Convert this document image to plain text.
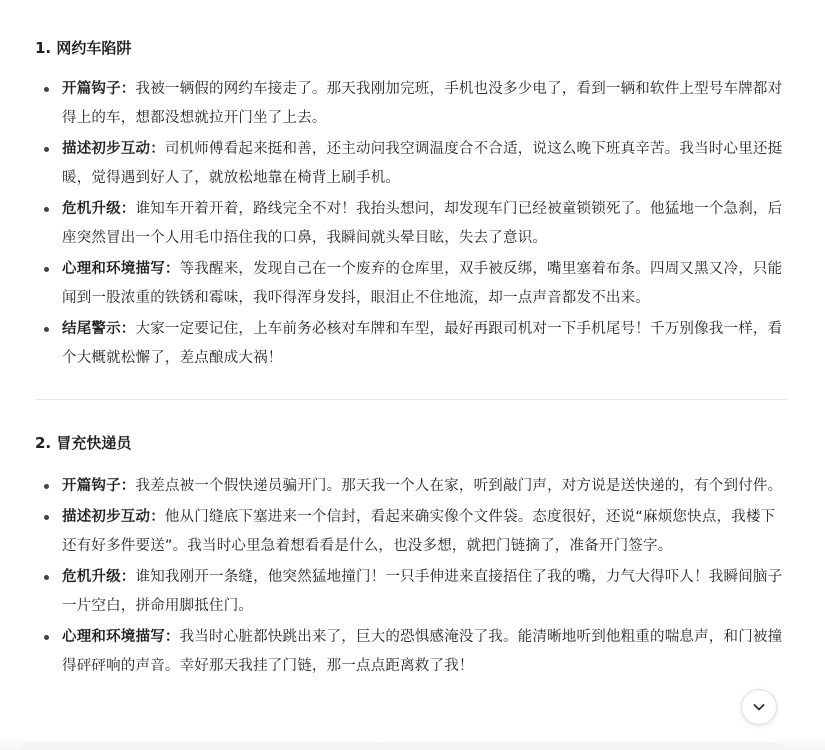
1. 网约车陷阱
开篇钩子：我被一辆假的网约车接走了。那天我刚加完班，手机也没多少电了，看到一辆和软件上型号车牌都对得上的车，想都没想就拉开门坐了上去。
描述初步互动：司机师傅看起来挺和善，还主动问我空调温度合不合适，说这么晚下班真辛苦。我当时心里还挺暖，觉得遇到好人了，就放松地靠在椅背上刷手机。
危机升级：谁知车开着开着，路线完全不对！我抬头想问，却发现车门已经被童锁锁死了。他猛地一个急刹，后座突然冒出一个人用毛巾捂住我的口鼻，我瞬间就头晕目眩，失去了意识。
心理和环境描写：等我醒来，发现自己在一个废弃的仓库里，双手被反绑，嘴里塞着布条。四周又黑又冷，只能闻到一股浓重的铁锈和霉味，我吓得浑身发抖，眼泪止不住地流，却一点声音都发不出来。
结尾警示：大家一定要记住，上车前务必核对车牌和车型，最好再跟司机对一下手机尾号！千万别像我一样，看个大概就松懈了，差点酿成大祸！
2. 冒充快递员
开篇钩子：我差点被一个假快递员骗开门。那天我一个人在家，听到敲门声，对方说是送快递的，有个到付件。
描述初步互动：他从门缝底下塞进来一个信封，看起来确实像个文件袋。态度很好，还说“麻烦您快点，我楼下还有好多件要送”。我当时心里急着想看看是什么，也没多想，就把门链摘了，准备开门签字。
危机升级：谁知我刚开一条缝，他突然猛地撞门！一只手伸进来直接捂住了我的嘴，力气大得吓人！我瞬间脑子一片空白，拼命用脚抵住门。
心理和环境描写：我当时心脏都快跳出来了，巨大的恐惧感淹没了我。能清晰地听到他粗重的喘息声，和门被撞得砰砰响的声音。幸好那天我挂了门链，那一点点距离救了我！
